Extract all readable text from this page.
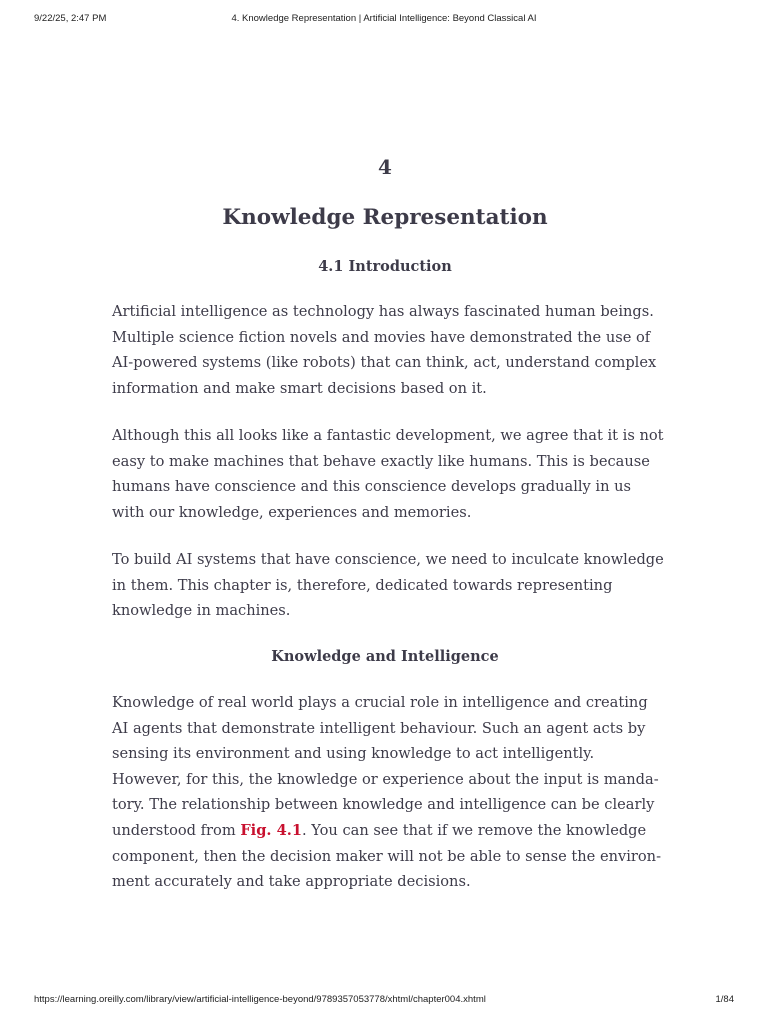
9/22/25, 2:47 PM	4. Knowledge Representation | Artificial Intelligence: Beyond Classical AI
4
Knowledge Representation
4.1 Introduction

Artificial intelligence as technology has always fascinated human beings.
Multiple science fiction novels and movies have demonstrated the use of
AI-powered systems (like robots) that can think, act, understand complex
information and make smart decisions based on it.

Although this all looks like a fantastic development, we agree that it is not
easy to make machines that behave exactly like humans. This is because
humans have conscience and this conscience develops gradually in us
with our knowledge, experiences and memories.

To build AI systems that have conscience, we need to inculcate knowledge
in them. This chapter is, therefore, dedicated towards representing
knowledge in machines.

Knowledge and Intelligence

Knowledge of real world plays a crucial role in intelligence and creating
AI agents that demonstrate intelligent behaviour. Such an agent acts by
sensing its environment and using knowledge to act intelligently.
However, for this, the knowledge or experience about the input is manda-
tory. The relationship between knowledge and intelligence can be clearly
understood from Fig. 4.1. You can see that if we remove the knowledge
component, then the decision maker will not be able to sense the environ-
ment accurately and take appropriate decisions.

https://learning.oreilly.com/library/view/artificial-intelligence-beyond/9789357053778/xhtml/chapter004.xhtml	1/84
